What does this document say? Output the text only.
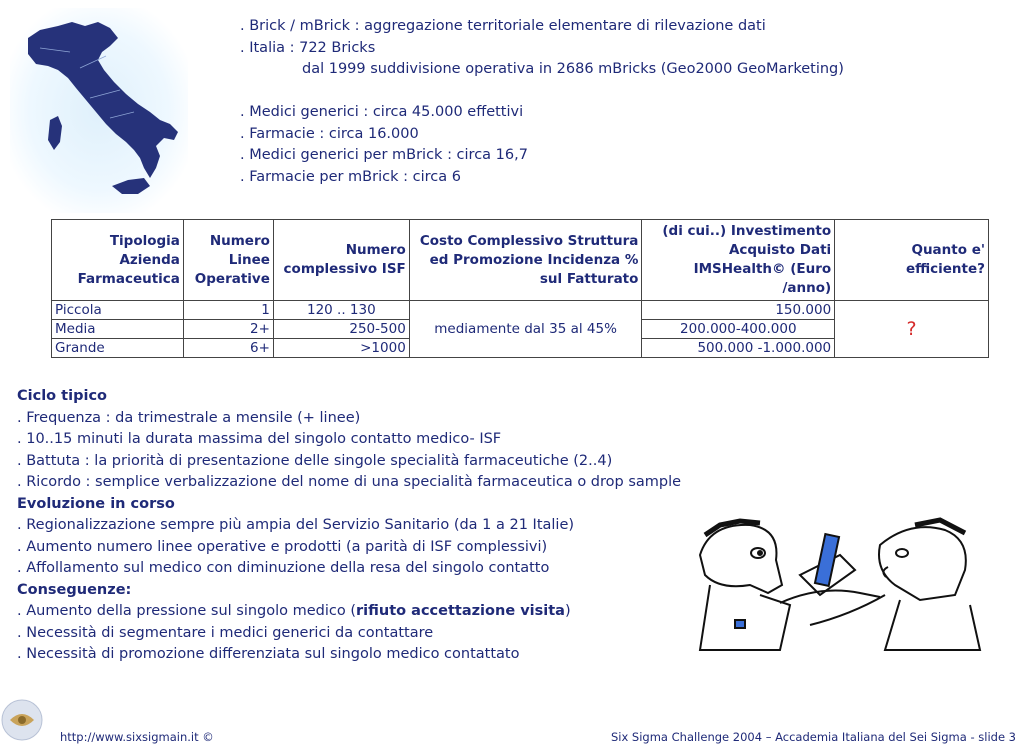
. Brick / mBrick : aggregazione territoriale elementare di rilevazione dati
. Italia : 722 Bricks
dal 1999 suddivisione operativa in 2686 mBricks (Geo2000 GeoMarketing)
. Medici generici : circa 45.000 effettivi
. Farmacie : circa 16.000
. Medici generici per mBrick : circa 16,7
. Farmacie per mBrick : circa 6
Tipologia Azienda Farmaceutica	Numero Linee Operative	Numero complessivo ISF	Costo Complessivo Struttura ed Promozione Incidenza % sul Fatturato	(di cui..) Investimento Acquisto Dati IMSHealth© (Euro /anno)	Quanto e' efficiente?
Piccola	1	120 .. 130	mediamente dal 35 al 45%	150.000	?
Media	2+	250-500		200.000-400.000	
Grande	6+	>1000		500.000 -1.000.000	
Ciclo tipico
. Frequenza : da trimestrale a mensile (+ linee)
. 10..15 minuti la durata massima del singolo contatto medico- ISF
. Battuta : la priorità di presentazione delle singole specialità farmaceutiche (2..4)
. Ricordo : semplice verbalizzazione del nome di una specialità farmaceutica o drop sample
Evoluzione in corso
. Regionalizzazione sempre più ampia del Servizio Sanitario (da 1 a 21 Italie)
. Aumento numero linee operative e prodotti (a parità di ISF complessivi)
. Affollamento sul medico con diminuzione della resa del singolo contatto
Conseguenze:
. Aumento della pressione sul singolo medico (rifiuto accettazione visita)
. Necessità di segmentare i medici generici da contattare
. Necessità di promozione differenziata sul singolo medico contattato
http://www.sixsigmain.it ©	Six Sigma Challenge 2004 – Accademia Italiana del Sei Sigma - slide 3
